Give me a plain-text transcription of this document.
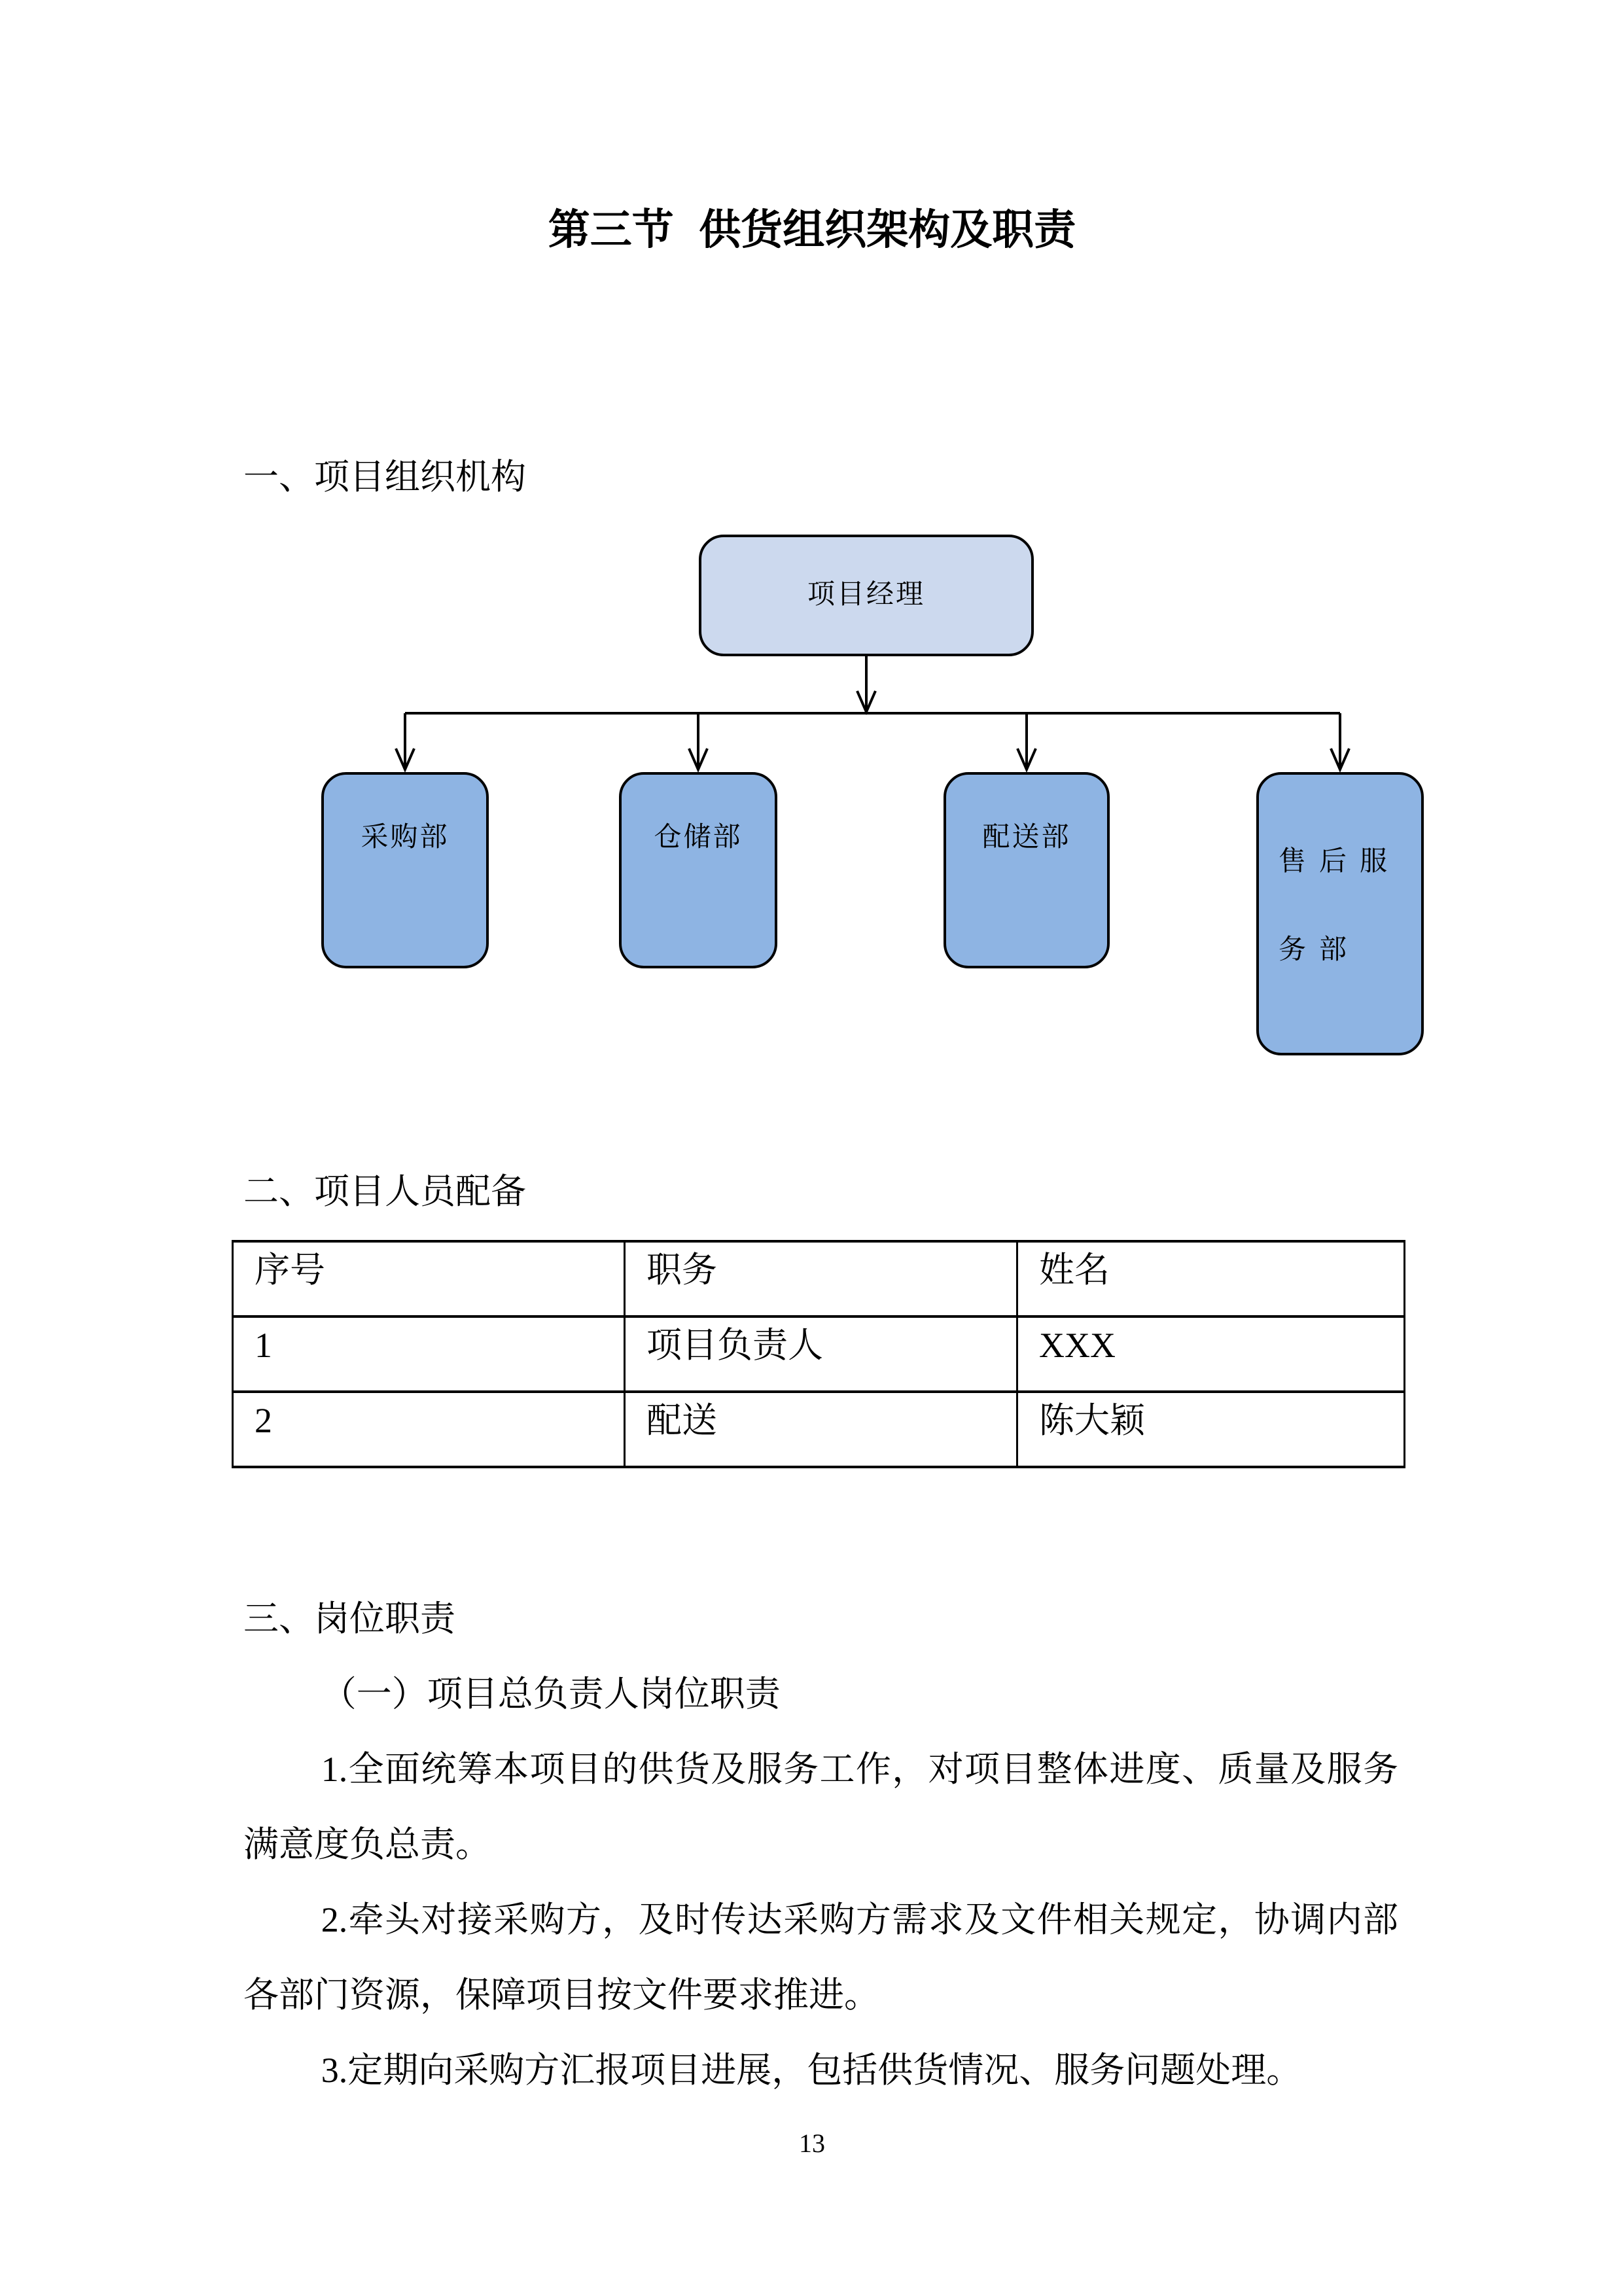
第三节 供货组织架构及职责
一、项目组织机构
项目经理
采购部	仓储部	配送部
售后服务部
二、项目人员配备
序号	职务	姓名
1	项目负责人	XXX
2	配送	陈大颖

三、岗位职责

（一）项目总负责人岗位职责

1.全面统筹本项目的供货及服务工作，对项目整体进度、质量及服务满意度负总责。

2.牵头对接采购方，及时传达采购方需求及文件相关规定，协调内部各部门资源，保障项目按文件要求推进。

3.定期向采购方汇报项目进展，包括供货情况、服务问题处理。

13
